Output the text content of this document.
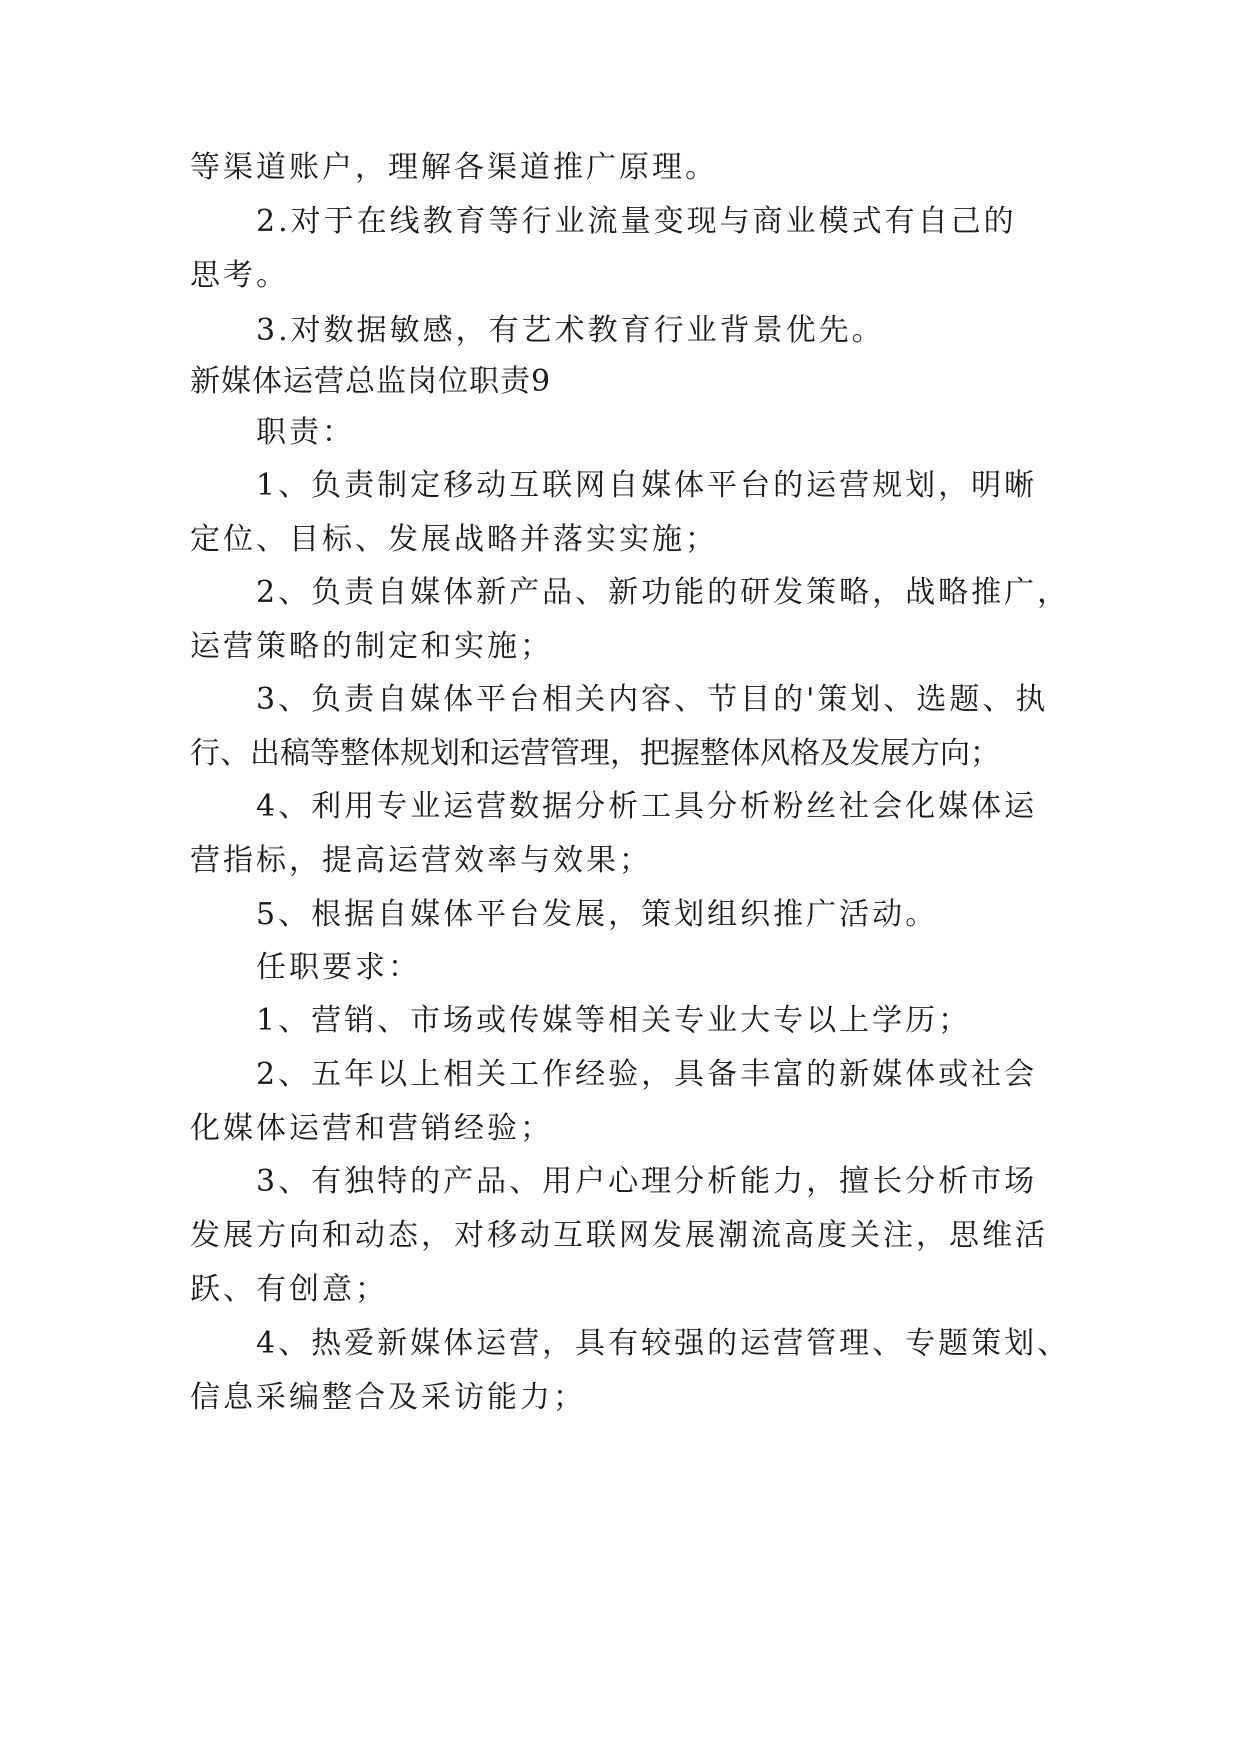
等渠道账户，理解各渠道推广原理。
2.对于在线教育等行业流量变现与商业模式有自己的
思考。
3.对数据敏感，有艺术教育行业背景优先。
新媒体运营总监岗位职责9
职责：
1、负责制定移动互联网自媒体平台的运营规划，明晰
定位、目标、发展战略并落实实施；
2、负责自媒体新产品、新功能的研发策略，战略推广，
运营策略的制定和实施；
3、负责自媒体平台相关内容、节目的'策划、选题、执
行、出稿等整体规划和运营管理，把握整体风格及发展方向；
4、利用专业运营数据分析工具分析粉丝社会化媒体运
营指标，提高运营效率与效果；
5、根据自媒体平台发展，策划组织推广活动。
任职要求：
1、营销、市场或传媒等相关专业大专以上学历；
2、五年以上相关工作经验，具备丰富的新媒体或社会
化媒体运营和营销经验；
3、有独特的产品、用户心理分析能力，擅长分析市场
发展方向和动态，对移动互联网发展潮流高度关注，思维活
跃、有创意；
4、热爱新媒体运营，具有较强的运营管理、专题策划、
信息采编整合及采访能力；
